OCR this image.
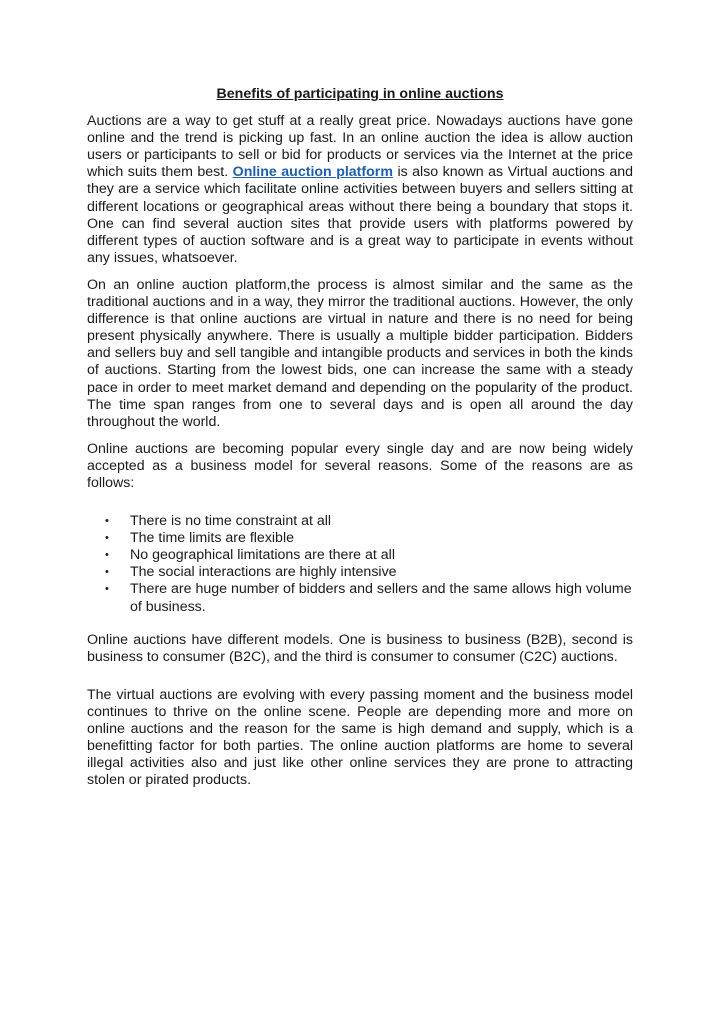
Benefits of participating in online auctions

Auctions are a way to get stuff at a really great price. Nowadays auctions have gone online and the trend is picking up fast. In an online auction the idea is allow auction users or participants to sell or bid for products or services via the Internet at the price which suits them best. Online auction platform is also known as Virtual auctions and they are a service which facilitate online activities between buyers and sellers sitting at different locations or geographical areas without there being a boundary that stops it. One can find several auction sites that provide users with platforms powered by different types of auction software and is a great way to participate in events without any issues, whatsoever.

On an online auction platform,the process is almost similar and the same as the traditional auctions and in a way, they mirror the traditional auctions. However, the only difference is that online auctions are virtual in nature and there is no need for being present physically anywhere. There is usually a multiple bidder participation. Bidders and sellers buy and sell tangible and intangible products and services in both the kinds of auctions. Starting from the lowest bids, one can increase the same with a steady pace in order to meet market demand and depending on the popularity of the product. The time span ranges from one to several days and is open all around the day throughout the world.

Online auctions are becoming popular every single day and are now being widely accepted as a business model for several reasons. Some of the reasons are as follows:

• There is no time constraint at all
• The time limits are flexible
• No geographical limitations are there at all
• The social interactions are highly intensive
• There are huge number of bidders and sellers and the same allows high volume of business.

Online auctions have different models. One is business to business (B2B), second is business to consumer (B2C), and the third is consumer to consumer (C2C) auctions.

The virtual auctions are evolving with every passing moment and the business model continues to thrive on the online scene. People are depending more and more on online auctions and the reason for the same is high demand and supply, which is a benefitting factor for both parties. The online auction platforms are home to several illegal activities also and just like other online services they are prone to attracting stolen or pirated products.
